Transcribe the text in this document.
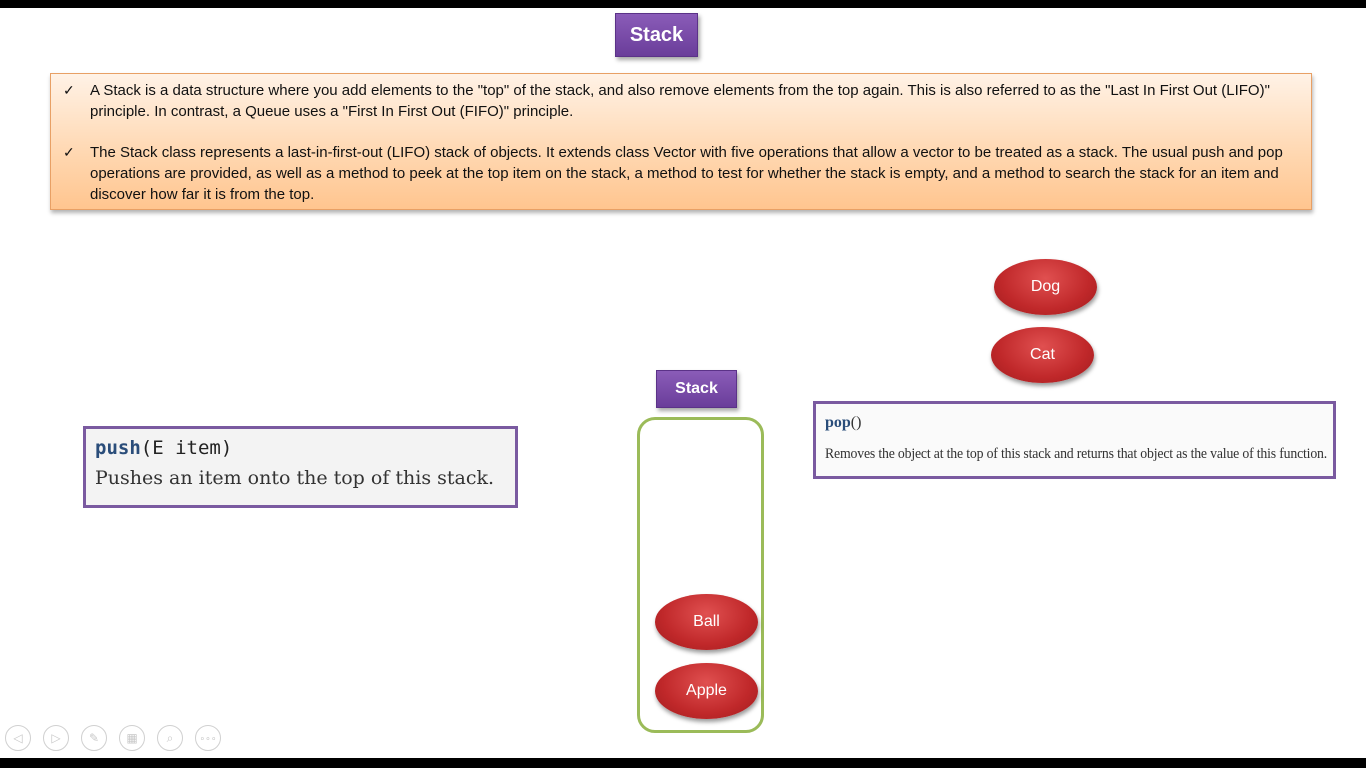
Stack
✓ A Stack is a data structure where you add elements to the "top" of the stack, and also remove elements from the top again. This is also referred to as the "Last In First Out (LIFO)" principle. In contrast, a Queue uses a "First In First Out (FIFO)" principle.
✓ The Stack class represents a last-in-first-out (LIFO) stack of objects. It extends class Vector with five operations that allow a vector to be treated as a stack. The usual push and pop operations are provided, as well as a method to peek at the top item on the stack, a method to test for whether the stack is empty, and a method to search the stack for an item and discover how far it is from the top.
push(E item)
Pushes an item onto the top of this stack.
Stack
Ball
Apple
Dog
Cat
pop()
Removes the object at the top of this stack and returns that object as the value of this function.
◁	▷	✎	▦	⌕	∘∘∘
